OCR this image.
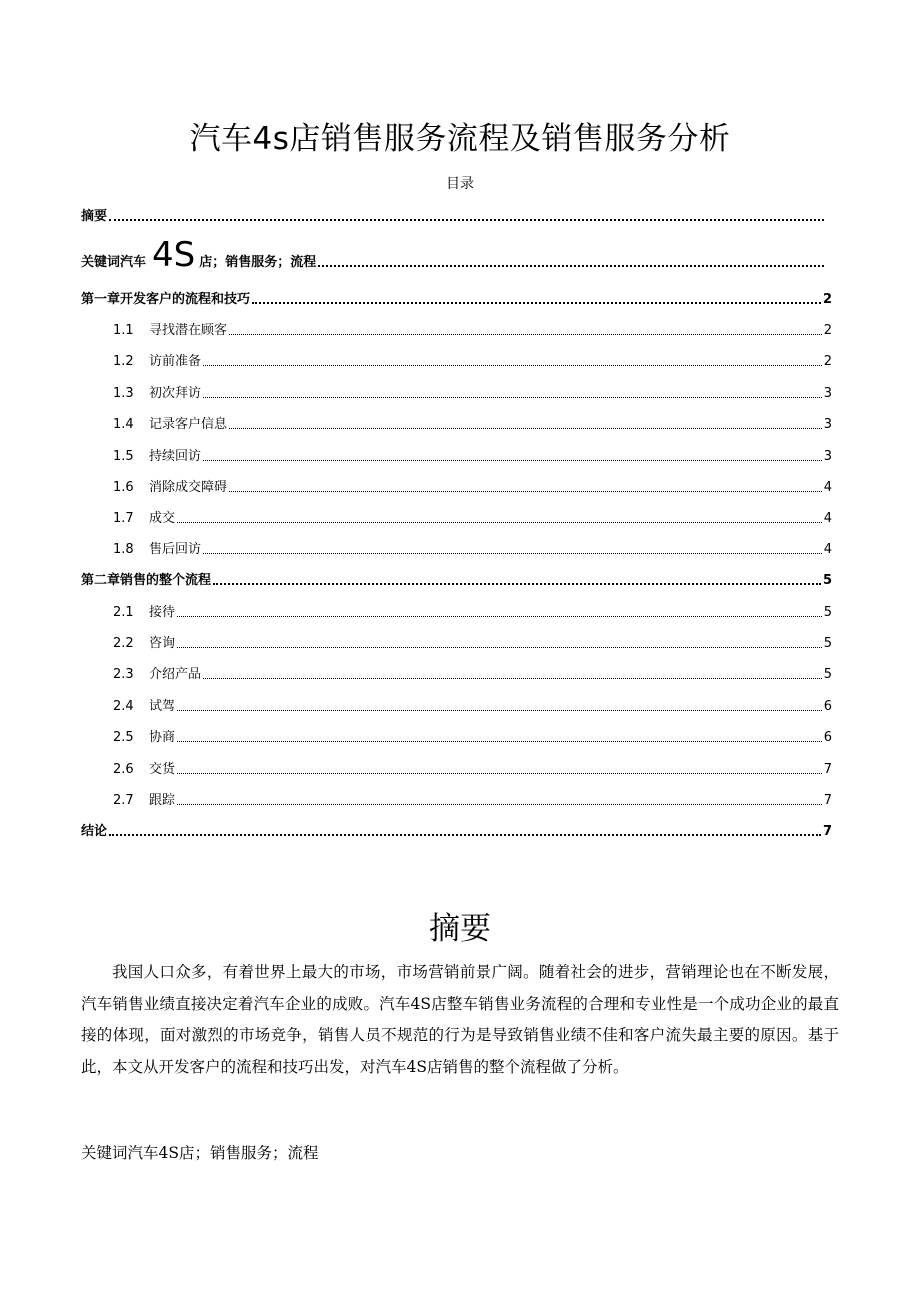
汽车4s店销售服务流程及销售服务分析
目录
摘要
关键词汽车 4S 店；销售服务；流程
第一章开发客户的流程和技巧	2
1.1	寻找潜在顾客	2
1.2	访前准备	2
1.3	初次拜访	3
1.4	记录客户信息	3
1.5	持续回访	3
1.6	消除成交障碍	4
1.7	成交	4
1.8	售后回访	4
第二章销售的整个流程	5
2.1	接待	5
2.2	咨询	5
2.3	介绍产品	5
2.4	试驾	6
2.5	协商	6
2.6	交货	7
2.7	跟踪	7
结论	7
摘要

我国人口众多，有着世界上最大的市场，市场营销前景广阔。随着社会的进步，营销理论也在不断发展，汽车销售业绩直接决定着汽车企业的成败。汽车4S店整车销售业务流程的合理和专业性是一个成功企业的最直接的体现，面对激烈的市场竞争，销售人员不规范的行为是导致销售业绩不佳和客户流失最主要的原因。基于此，本文从开发客户的流程和技巧出发，对汽车4S店销售的整个流程做了分析。

关键词汽车4S店；销售服务；流程
